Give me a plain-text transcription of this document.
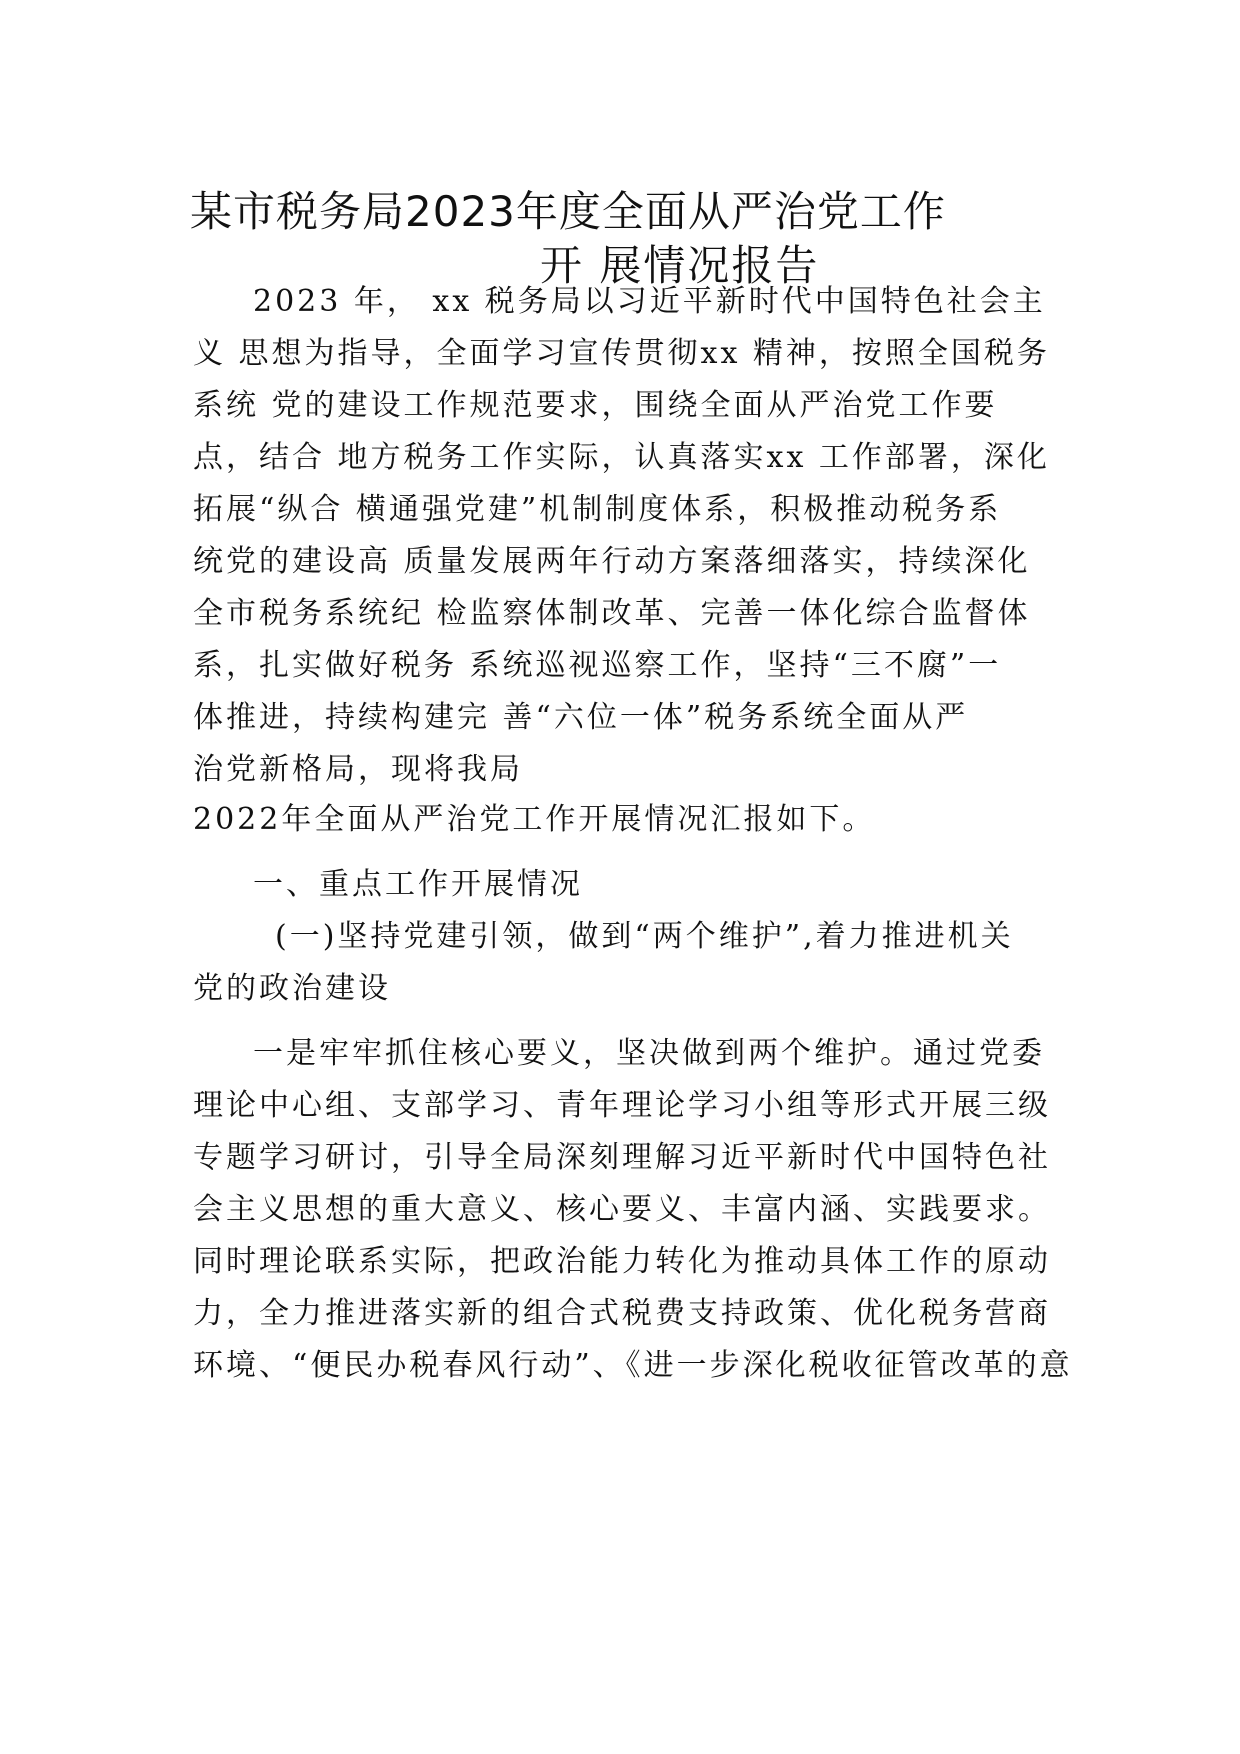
某市税务局2023年度全面从严治党工作
开 展情况报告

2023 年， xx 税务局以习近平新时代中国特色社会主

义 思想为指导，全面学习宣传贯彻xx 精神，按照全国税务

系统 党的建设工作规范要求，围绕全面从严治党工作要

点，结合 地方税务工作实际，认真落实xx 工作部署，深化

拓展“纵合 横通强党建”机制制度体系，积极推动税务系

统党的建设高 质量发展两年行动方案落细落实，持续深化

全市税务系统纪 检监察体制改革、完善一体化综合监督体

系，扎实做好税务 系统巡视巡察工作，坚持“三不腐”一

体推进，持续构建完 善“六位一体”税务系统全面从严

治党新格局，现将我局

2022年全面从严治党工作开展情况汇报如下。

一、重点工作开展情况

(一)坚持党建引领，做到“两个维护”,着力推进机关

党的政治建设

一是牢牢抓住核心要义，坚决做到两个维护。通过党委

理论中心组、支部学习、青年理论学习小组等形式开展三级

专题学习研讨，引导全局深刻理解习近平新时代中国特色社

会主义思想的重大意义、核心要义、丰富内涵、实践要求。

同时理论联系实际，把政治能力转化为推动具体工作的原动

力，全力推进落实新的组合式税费支持政策、优化税务营商

环境、“便民办税春风行动”、《进一步深化税收征管改革的意
